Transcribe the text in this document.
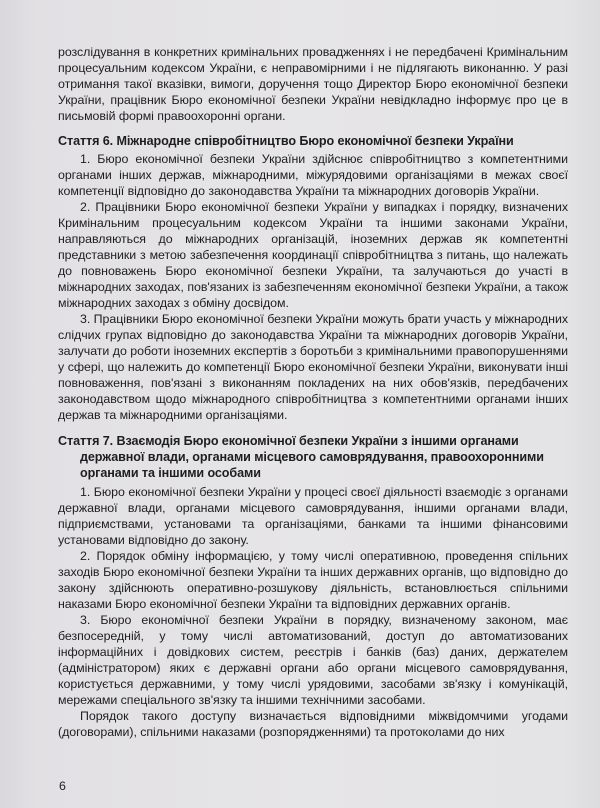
розслідування в конкретних кримінальних провадженнях і не передбачені Кримінальним процесуальним кодексом України, є неправомірними і не підлягають виконанню. У разі отримання такої вказівки, вимоги, доручення тощо Директор Бюро економічної безпеки України, працівник Бюро економічної безпеки України невідкладно інформує про це в письмовій формі правоохоронні органи.

Стаття 6. Міжнародне співробітництво Бюро економічної безпеки України

1. Бюро економічної безпеки України здійснює співробітництво з компетентними органами інших держав, міжнародними, міжурядовими організаціями в межах своєї компетенції відповідно до законодавства України та міжнародних договорів України.

2. Працівники Бюро економічної безпеки України у випадках і порядку, визначених Кримінальним процесуальним кодексом України та іншими законами України, направляються до міжнародних організацій, іноземних держав як компетентні представники з метою забезпечення координації співробітництва з питань, що належать до повноважень Бюро економічної безпеки України, та залучаються до участі в міжнародних заходах, пов'язаних із забезпеченням економічної безпеки України, а також міжнародних заходах з обміну досвідом.

3. Працівники Бюро економічної безпеки України можуть брати участь у міжнародних слідчих групах відповідно до законодавства України та міжнародних договорів України, залучати до роботи іноземних експертів з боротьби з кримінальними правопорушеннями у сфері, що належить до компетенції Бюро економічної безпеки України, виконувати інші повноваження, пов'язані з виконанням покладених на них обов'язків, передбачених законодавством щодо міжнародного співробітництва з компетентними органами інших держав та міжнародними організаціями.

Стаття 7. Взаємодія Бюро економічної безпеки України з іншими органами державної влади, органами місцевого самоврядування, правоохоронними органами та іншими особами

1. Бюро економічної безпеки України у процесі своєї діяльності взаємодіє з органами державної влади, органами місцевого самоврядування, іншими органами влади, підприємствами, установами та організаціями, банками та іншими фінансовими установами відповідно до закону.

2. Порядок обміну інформацією, у тому числі оперативною, проведення спільних заходів Бюро економічної безпеки України та інших державних органів, що відповідно до закону здійснюють оперативно-розшукову діяльність, встановлюється спільними наказами Бюро економічної безпеки України та відповідних державних органів.

3. Бюро економічної безпеки України в порядку, визначеному законом, має безпосередній, у тому числі автоматизований, доступ до автоматизованих інформаційних і довідкових систем, реєстрів і банків (баз) даних, держателем (адміністратором) яких є державні органи або органи місцевого самоврядування, користується державними, у тому числі урядовими, засобами зв'язку і комунікацій, мережами спеціального зв'язку та іншими технічними засобами.

Порядок такого доступу визначається відповідними міжвідомчими угодами (договорами), спільними наказами (розпорядженнями) та протоколами до них

6
